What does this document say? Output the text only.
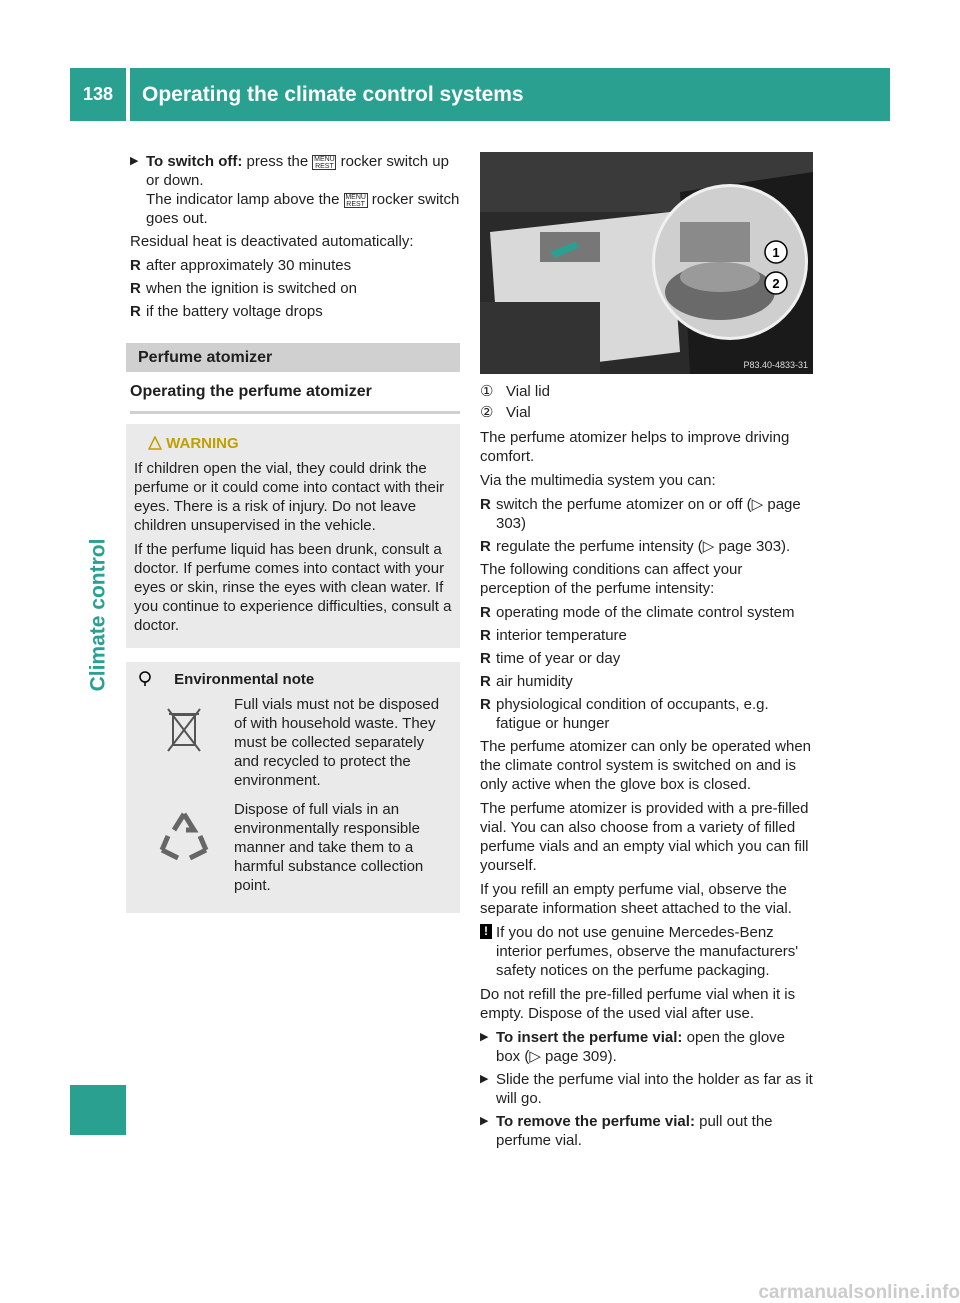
138	Operating the climate control systems
Climate control

▶ To switch off: press the MENU
REST rocker switch up or down.
The indicator lamp above the MENU
REST rocker switch goes out.

Residual heat is deactivated automatically:

R after approximately 30 minutes
R when the ignition is switched on
R if the battery voltage drops
Perfume atomizer
Operating the perfume atomizer
WARNING

If children open the vial, they could drink the perfume or it could come into contact with their eyes. There is a risk of injury. Do not leave children unsupervised in the vehicle.

If the perfume liquid has been drunk, consult a doctor. If perfume comes into contact with your eyes or skin, rinse the eyes with clean water. If you continue to experience difficulties, consult a doctor.

Environmental note
Full vials must not be disposed of with household waste. They must be collected separately and recycled to protect the environment.
Dispose of full vials in an environmentally responsible manner and take them to a harmful substance collection point.
1
2
P83.40-4833-31
① Vial lid
② Vial

The perfume atomizer helps to improve driving comfort.

Via the multimedia system you can:

R switch the perfume atomizer on or off (▷ page 303)
R regulate the perfume intensity (▷ page 303).

The following conditions can affect your perception of the perfume intensity:

R operating mode of the climate control system
R interior temperature
R time of year or day
R air humidity
R physiological condition of occupants, e.g. fatigue or hunger

The perfume atomizer can only be operated when the climate control system is switched on and is only active when the glove box is closed.

The perfume atomizer is provided with a pre-filled vial. You can also choose from a variety of filled perfume vials and an empty vial which you can fill yourself.

If you refill an empty perfume vial, observe the separate information sheet attached to the vial.

! If you do not use genuine Mercedes-Benz interior perfumes, observe the manufacturers' safety notices on the perfume packaging.

Do not refill the pre-filled perfume vial when it is empty. Dispose of the used vial after use.

▶ To insert the perfume vial: open the glove box (▷ page 309).

▶ Slide the perfume vial into the holder as far as it will go.

▶ To remove the perfume vial: pull out the perfume vial.

carmanualsonline.info
